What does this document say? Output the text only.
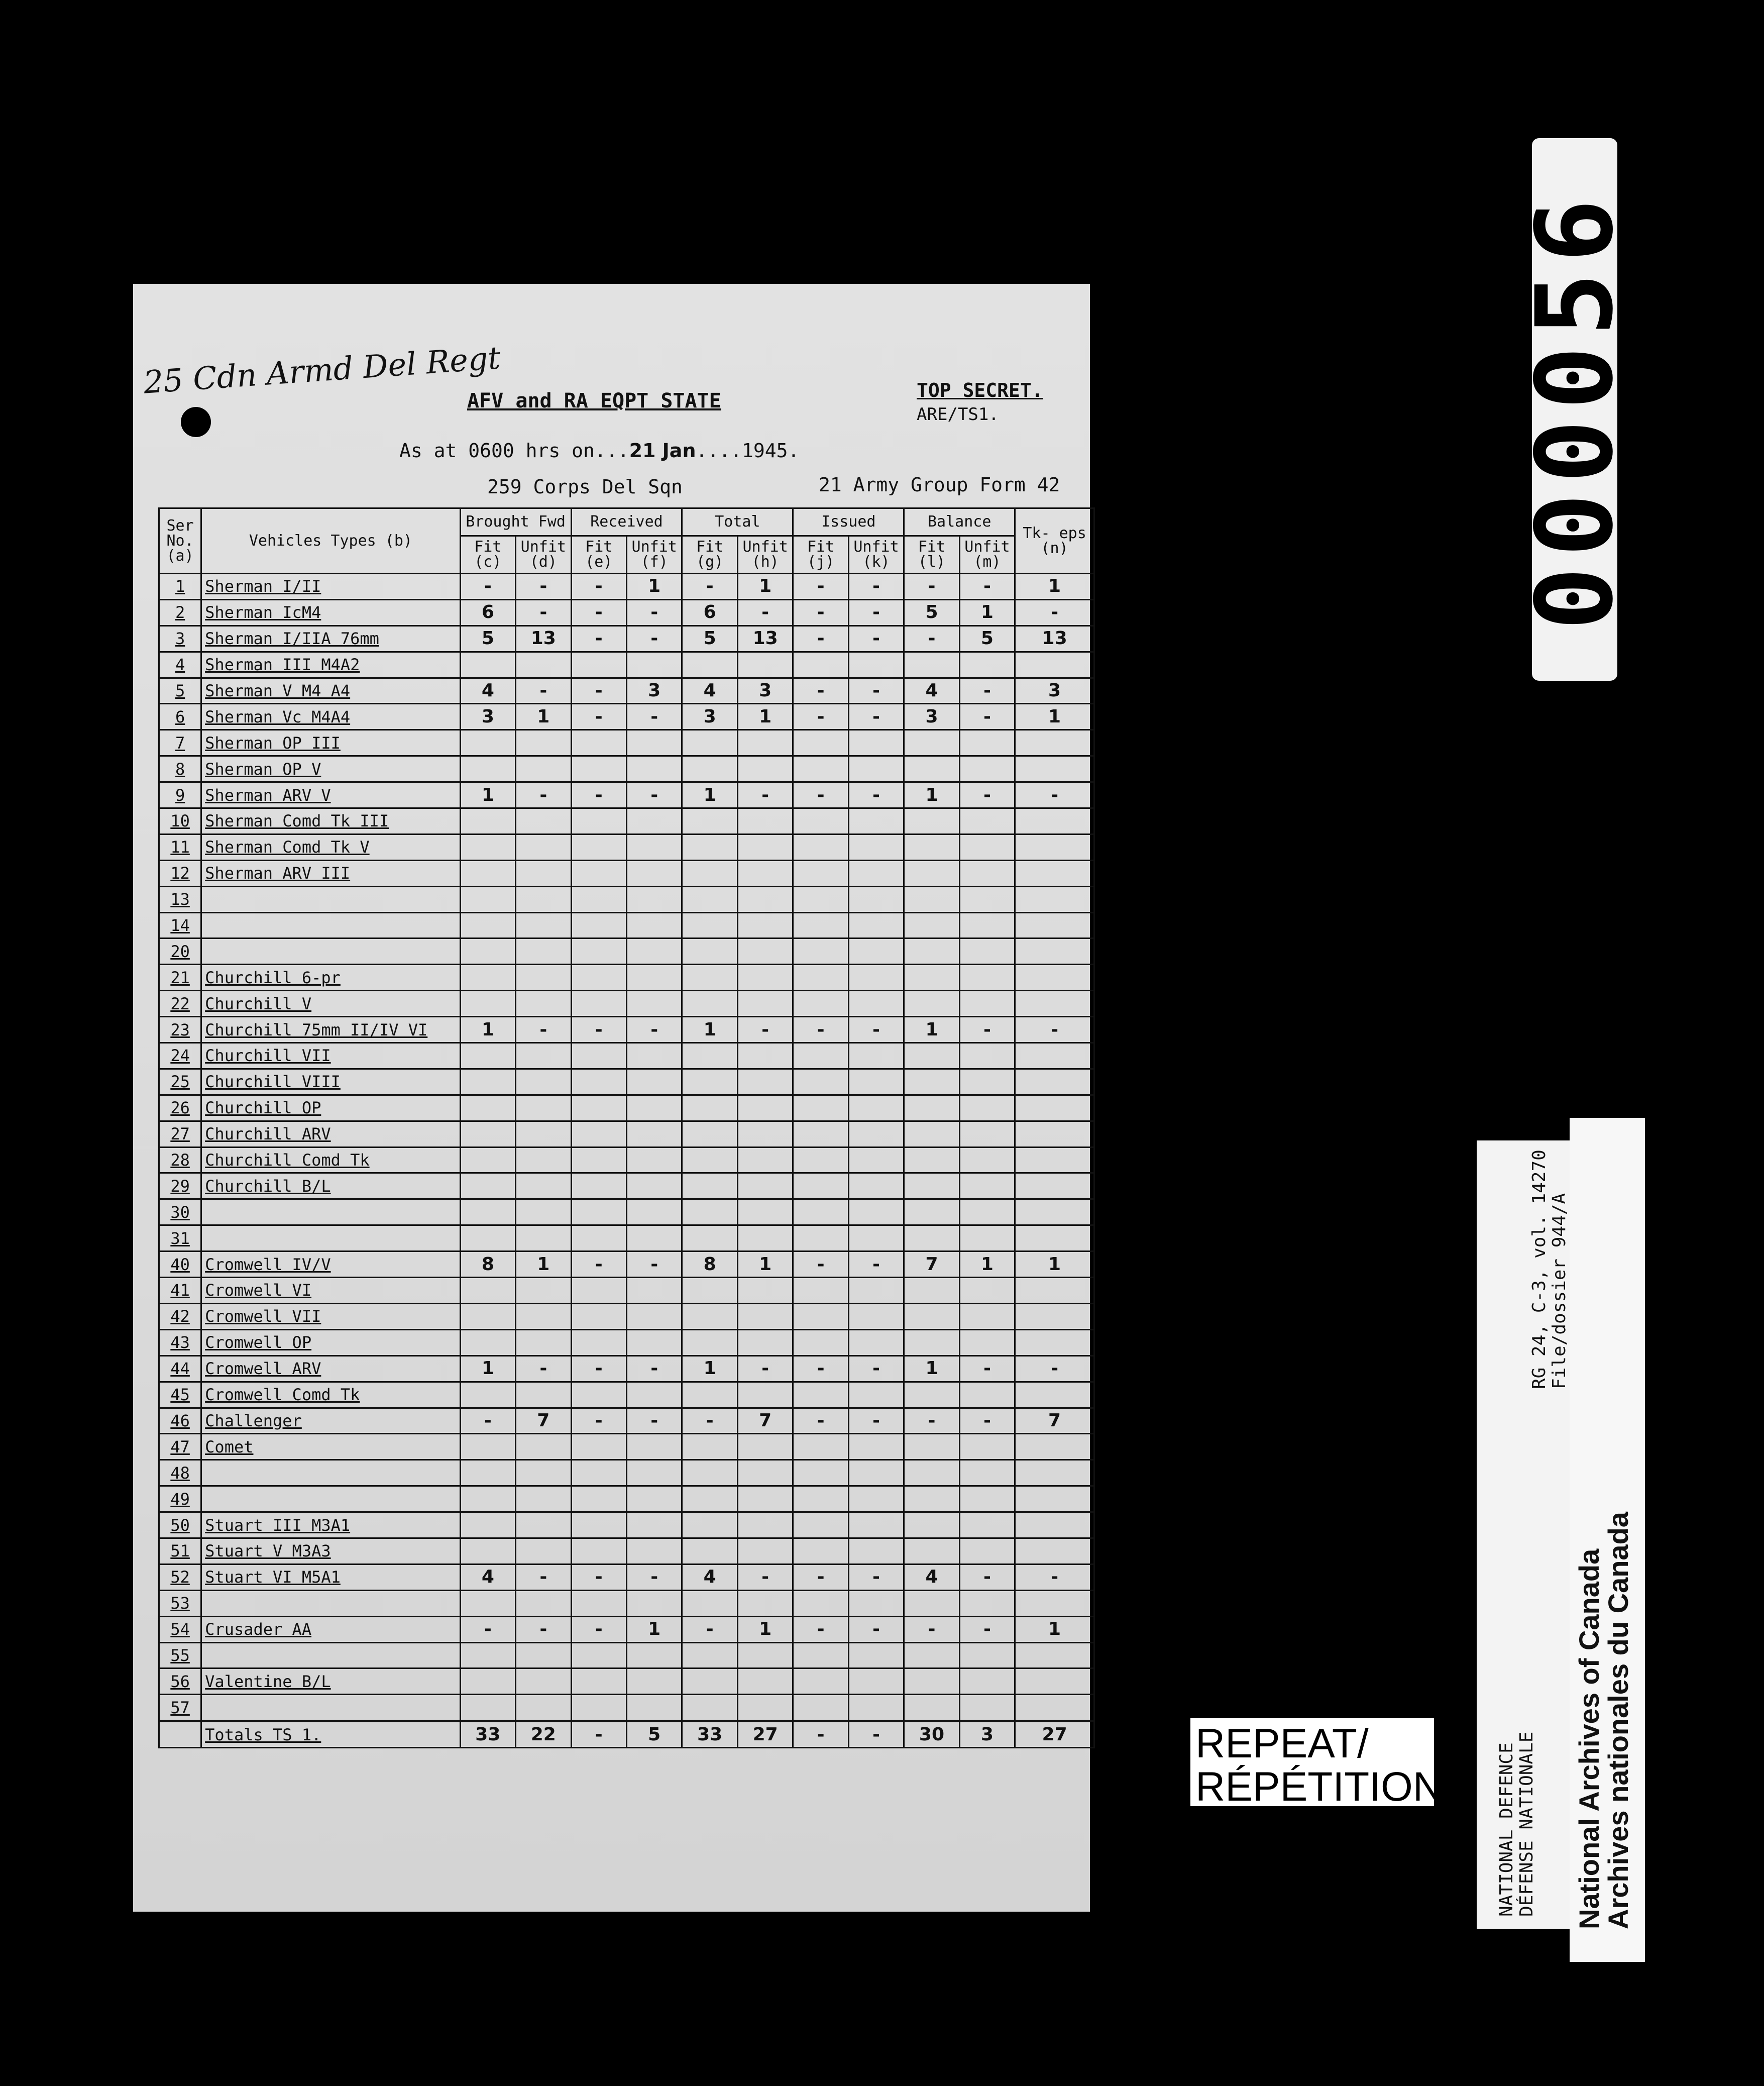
25 Cdn Armd Del Regt
AFV and RA EQPT STATE	TOP SECRET.
ARE/TS1.
As at 0600 hrs on...21 Jan....1945.
259 Corps Del Sqn	21 Army Group Form 42
Ser No. (a)	Vehicles Types (b)	Brought Fwd		Received		Total		Issued		Balance		Tk- eps (n)
		Fit (c)	Unfit (d)	Fit (e)	Unfit (f)	Fit (g)	Unfit (h)	Fit (j)	Unfit (k)	Fit (l)	Unfit (m)	
1	Sherman I/II	-	-	-	1	-	1	-	-	-	-	1
2	Sherman IcM4	6	-	-	-	6	-	-	-	5	1	-
3	Sherman I/IIA 76mm	5	13	-	-	5	13	-	-	-	5	13
4	Sherman III M4A2											
5	Sherman V M4 A4	4	-	-	3	4	3	-	-	4	-	3
6	Sherman Vc M4A4	3	1	-	-	3	1	-	-	3	-	1
7	Sherman OP III											
8	Sherman OP V											
9	Sherman ARV V	1	-	-	-	1	-	-	-	1	-	-
10	Sherman Comd Tk III											
11	Sherman Comd Tk V											
12	Sherman ARV III											
13												
14												
20												
21	Churchill 6-pr											
22	Churchill V											
23	Churchill 75mm II/IV VI	1	-	-	-	1	-	-	-	1	-	-
24	Churchill VII											
25	Churchill VIII											
26	Churchill OP											
27	Churchill ARV											
28	Churchill Comd Tk											
29	Churchill B/L											
30												
31												
40	Cromwell IV/V	8	1	-	-	8	1	-	-	7	1	1
41	Cromwell VI											
42	Cromwell VII											
43	Cromwell OP											
44	Cromwell ARV	1	-	-	-	1	-	-	-	1	-	-
45	Cromwell Comd Tk											
46	Challenger	-	7	-	-	-	7	-	-	-	-	7
47	Comet											
48												
49												
50	Stuart III M3A1											
51	Stuart V M3A3											
52	Stuart VI M5A1	4	-	-	-	4	-	-	-	4	-	-
53												
54	Crusader AA	-	-	-	1	-	1	-	-	-	-	1
55												
56	Valentine B/L											
57												
	Totals TS 1.	33	22	-	5	33	27	-	-	30	3	27	REPEAT/
RÉPÉTITION
000056
NATIONAL DEFENCE DÉFENSE NATIONALE
RG 24, C-3, vol. 14270 File/dossier 944/A
National Archives of Canada
Archives nationales du Canada
